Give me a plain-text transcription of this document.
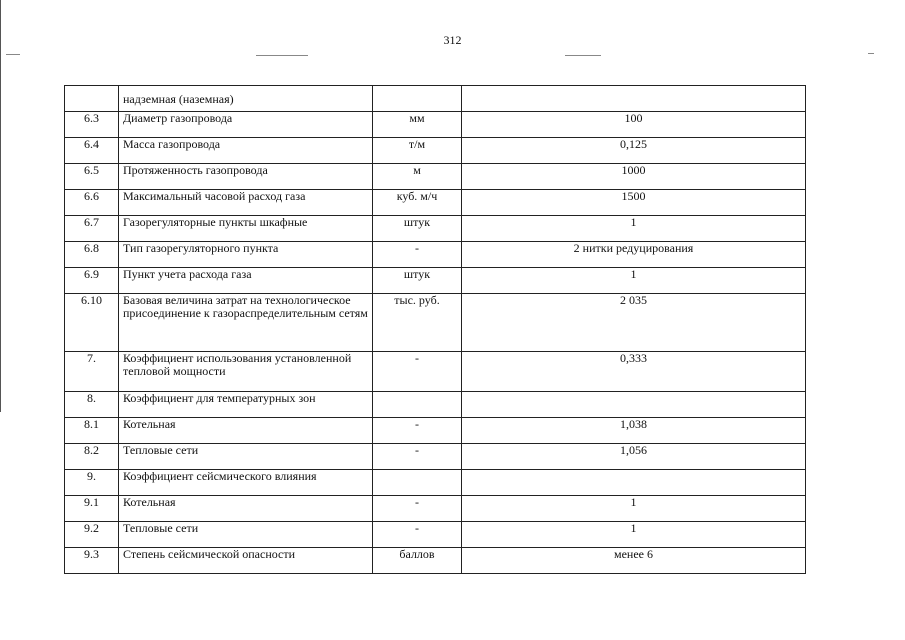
312
	надземная (наземная)		
6.3	Диаметр газопровода	мм	100
6.4	Масса газопровода	т/м	0,125
6.5	Протяженность газопровода	м	1000
6.6	Максимальный часовой расход газа	куб. м/ч	1500
6.7	Газорегуляторные пункты шкафные	штук	1
6.8	Тип газорегуляторного пункта	-	2 нитки редуцирования
6.9	Пункт учета расхода газа	штук	1
6.10	Базовая величина затрат на технологическое присоединение к газораспределительным сетям	тыс. руб.	2 035
7.	Коэффициент использования установленной тепловой мощности	-	0,333
8.	Коэффициент для температурных зон		
8.1	Котельная	-	1,038
8.2	Тепловые сети	-	1,056
9.	Коэффициент сейсмического влияния		
9.1	Котельная	-	1
9.2	Тепловые сети	-	1
9.3	Степень сейсмической опасности	баллов	менее 6
